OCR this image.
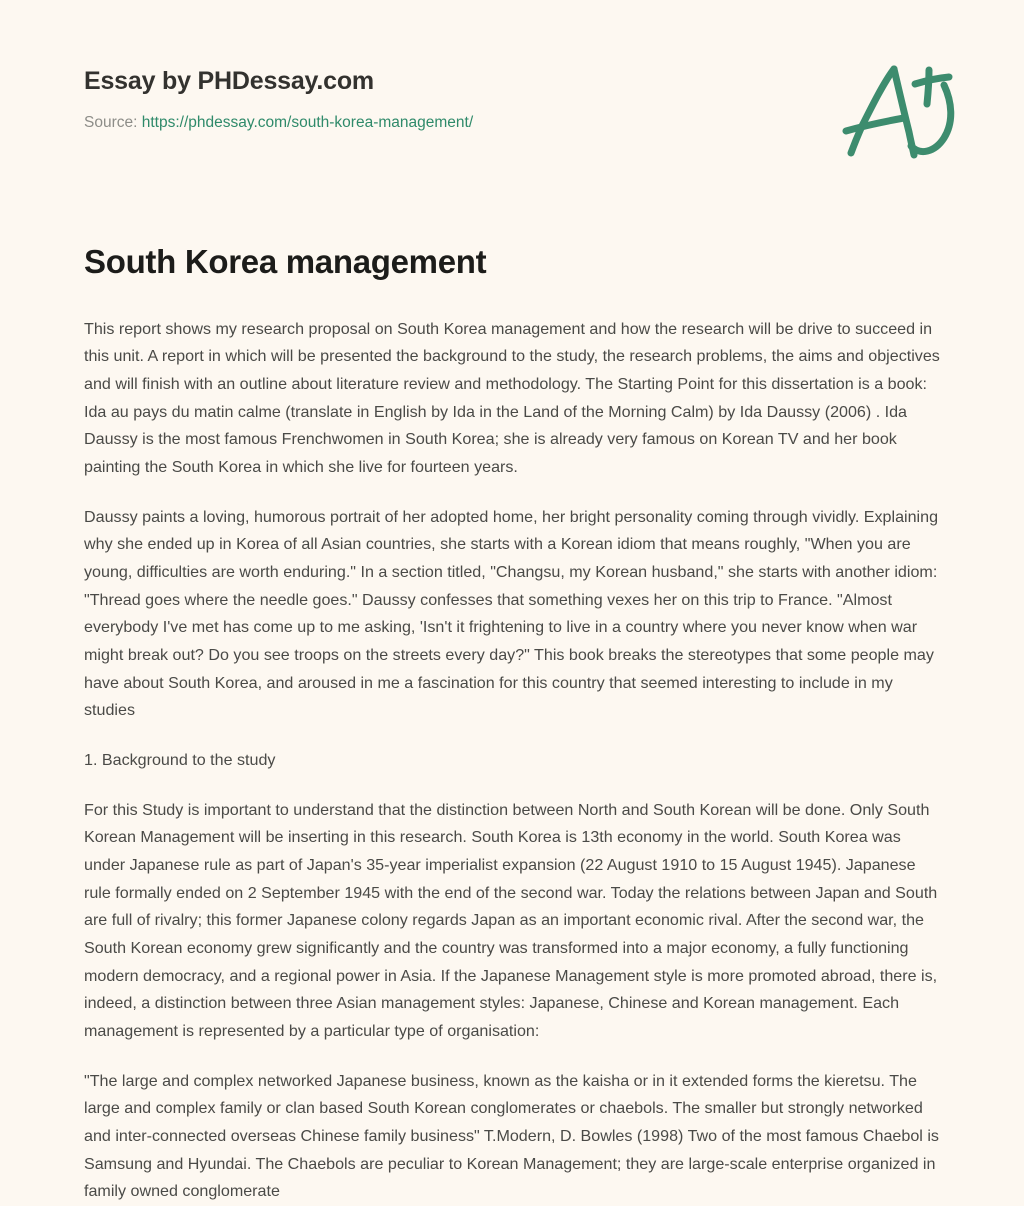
Essay by PHDessay.com
Source: https://phdessay.com/south-korea-management/
South Korea management

This report shows my research proposal on South Korea management and how the research will be drive to succeed in this unit. A report in which will be presented the background to the study, the research problems, the aims and objectives and will finish with an outline about literature review and methodology. The Starting Point for this dissertation is a book: Ida au pays du matin calme (translate in English by Ida in the Land of the Morning Calm) by Ida Daussy (2006) . Ida Daussy is the most famous Frenchwomen in South Korea; she is already very famous on Korean TV and her book painting the South Korea in which she live for fourteen years.

Daussy paints a loving, humorous portrait of her adopted home, her bright personality coming through vividly. Explaining why she ended up in Korea of all Asian countries, she starts with a Korean idiom that means roughly, "When you are young, difficulties are worth enduring." In a section titled, "Changsu, my Korean husband," she starts with another idiom: "Thread goes where the needle goes." Daussy confesses that something vexes her on this trip to France. "Almost everybody I've met has come up to me asking, 'Isn't it frightening to live in a country where you never know when war might break out? Do you see troops on the streets every day?" This book breaks the stereotypes that some people may have about South Korea, and aroused in me a fascination for this country that seemed interesting to include in my studies

1. Background to the study

For this Study is important to understand that the distinction between North and South Korean will be done. Only South Korean Management will be inserting in this research. South Korea is 13th economy in the world. South Korea was under Japanese rule as part of Japan's 35-year imperialist expansion (22 August 1910 to 15 August 1945). Japanese rule formally ended on 2 September 1945 with the end of the second war. Today the relations between Japan and South are full of rivalry; this former Japanese colony regards Japan as an important economic rival. After the second war, the South Korean economy grew significantly and the country was transformed into a major economy, a fully functioning modern democracy, and a regional power in Asia. If the Japanese Management style is more promoted abroad, there is, indeed, a distinction between three Asian management styles: Japanese, Chinese and Korean management. Each management is represented by a particular type of organisation:

"The large and complex networked Japanese business, known as the kaisha or in it extended forms the kieretsu. The large and complex family or clan based South Korean conglomerates or chaebols. The smaller but strongly networked and inter-connected overseas Chinese family business" T.Modern, D. Bowles (1998) Two of the most famous Chaebol is Samsung and Hyundai. The Chaebols are peculiar to Korean Management; they are large-scale enterprise organized in family owned conglomerate
